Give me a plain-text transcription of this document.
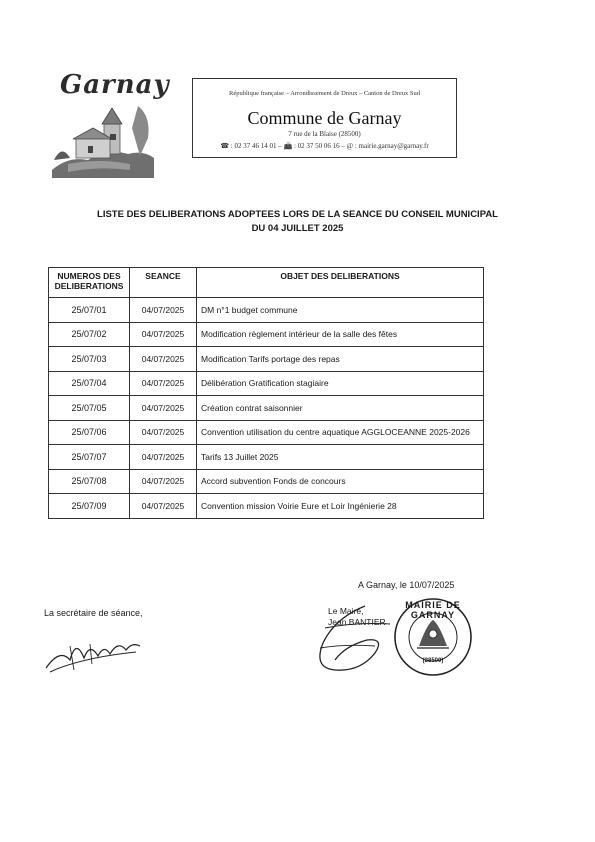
Garnay	République française – Arrondissement de Dreux – Canton de Dreux Sud
Commune de Garnay
7 rue de la Blaise (28500)
☎ : 02 37 46 14 01 – 📠 : 02 37 50 06 16 – @ : mairie.garnay@garnay.fr
LISTE DES DELIBERATIONS ADOPTEES LORS DE LA SEANCE DU CONSEIL MUNICIPAL
DU 04 JUILLET 2025
NUMEROS DES DELIBERATIONS	SEANCE	OBJET DES DELIBERATIONS
25/07/01	04/07/2025	DM n°1 budget commune
25/07/02	04/07/2025	Modification règlement intérieur de la salle des fêtes
25/07/03	04/07/2025	Modification Tarifs portage des repas
25/07/04	04/07/2025	Délibération Gratification stagiaire
25/07/05	04/07/2025	Création contrat saisonnier
25/07/06	04/07/2025	Convention utilisation du centre aquatique AGGLOCEANNE 2025-2026
25/07/07	04/07/2025	Tarifs 13 Juillet 2025
25/07/08	04/07/2025	Accord subvention Fonds de concours
25/07/09	04/07/2025	Convention mission Voirie Eure et Loir Ingénierie 28
A Garnay, le 10/07/2025
La secrétaire de séance,	Le Maire,
Jean BANTIER
MAIRIE DE GARNAY
(28500)
